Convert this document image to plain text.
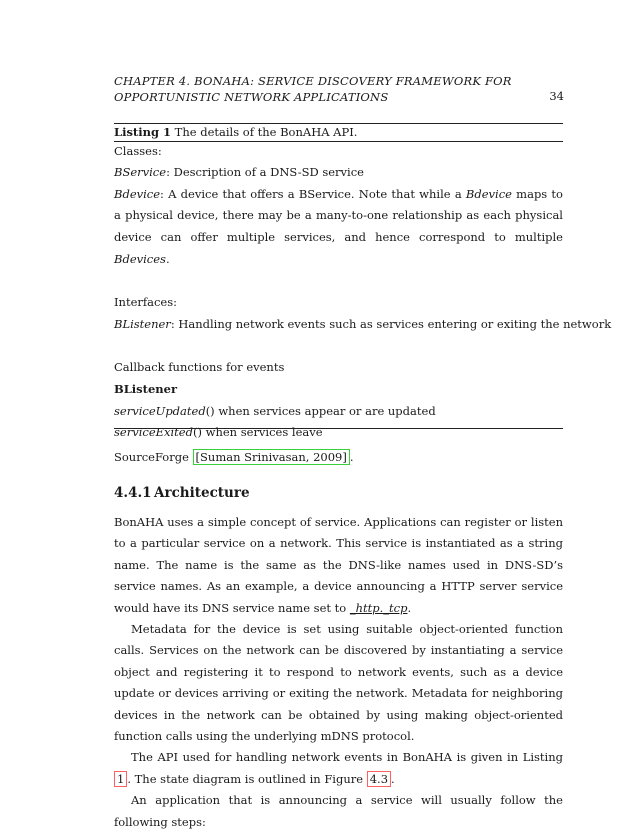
CHAPTER 4. BONAHA: SERVICE DISCOVERY FRAMEWORK FOR
OPPORTUNISTIC NETWORK APPLICATIONS	34
Listing 1 The details of the BonAHA API.
Classes:
BService: Description of a DNS-SD service
Bdevice: A device that offers a BService. Note that while a Bdevice maps to a physical device, there may be a many-to-one relationship as each physical device can offer multiple services, and hence correspond to multiple Bdevices.
Interfaces:
BListener: Handling network events such as services entering or exiting the network
Callback functions for events
BListener
serviceUpdated() when services appear or are updated
serviceExited() when services leave
SourceForge [Suman Srinivasan, 2009] .
4.4.1 Architecture

BonAHA uses a simple concept of service. Applications can register or listen to a particular service on a network. This service is instantiated as a string name. The name is the same as the DNS-like names used in DNS-SD’s service names. As an example, a device announcing a HTTP server service would have its DNS service name set to _http._tcp.

Metadata for the device is set using suitable object-oriented function calls. Services on the network can be discovered by instantiating a service object and registering it to respond to network events, such as a device update or devices arriving or exiting the network. Metadata for neighboring devices in the network can be obtained by using making object-oriented function calls using the underlying mDNS protocol.

The API used for handling network events in BonAHA is given in Listing 1 . The state diagram is outlined in Figure 4.3 .

An application that is announcing a service will usually follow the following steps:
